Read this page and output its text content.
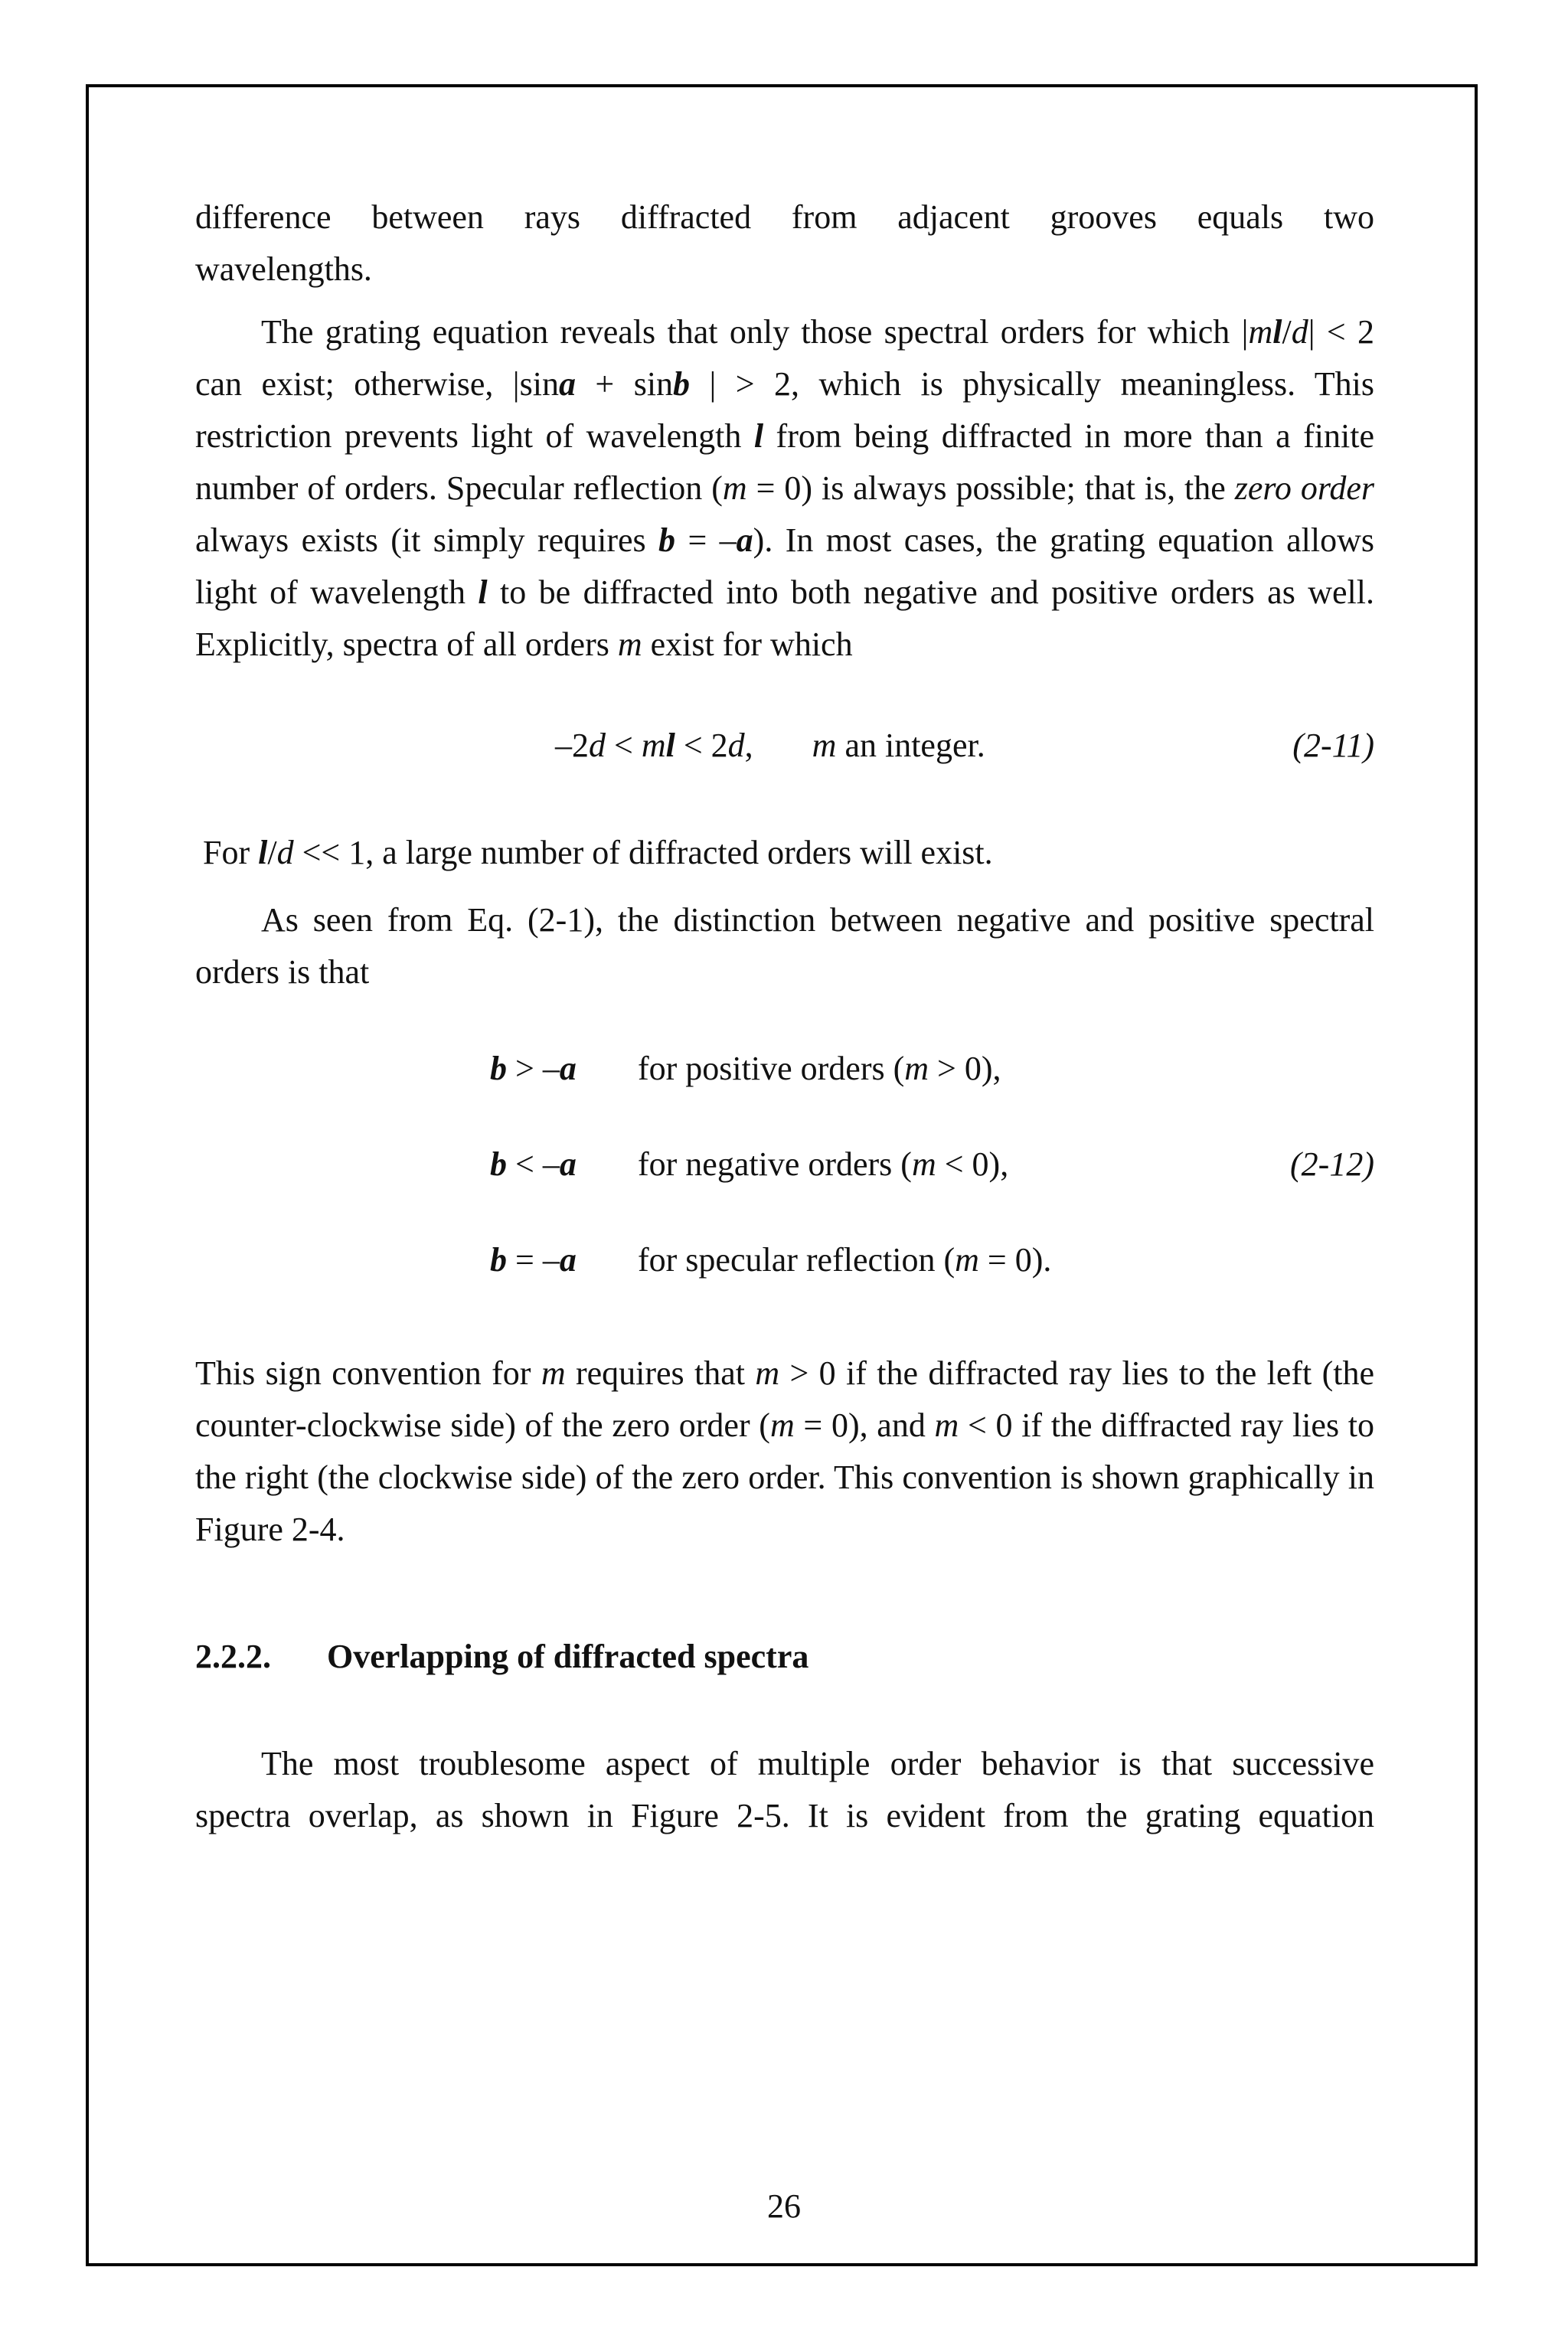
difference between rays diffracted from adjacent grooves equals two

wavelengths.

The grating equation reveals that only those spectral orders for which |ml/d| < 2 can exist; otherwise, |sina + sinb | > 2, which is physically meaningless. This restriction prevents light of wavelength l from being diffracted in more than a finite number of orders. Specular reflection (m = 0) is always possible; that is, the zero order always exists (it simply requires b = –a). In most cases, the grating equation allows light of wavelength l to be diffracted into both negative and positive orders as well. Explicitly, spectra of all orders m exist for which

–2d < ml < 2d,       m an integer.	(2-11)

For l/d << 1, a large number of diffracted orders will exist.

As seen from Eq. (2-1), the distinction between negative and positive spectral orders is that

b > –a for positive orders (m > 0),
b < –a for negative orders (m < 0),	(2-12)
b = –a for specular reflection (m = 0).

This sign convention for m requires that m > 0 if the diffracted ray lies to the left (the counter-clockwise side) of the zero order (m = 0), and m < 0 if the diffracted ray lies to the right (the clockwise side) of the zero order. This convention is shown graphically in Figure 2-4.

2.2.2. Overlapping of diffracted spectra

The most troublesome aspect of multiple order behavior is that successive

spectra overlap, as shown in Figure 2-5. It is evident from the grating equation

26
